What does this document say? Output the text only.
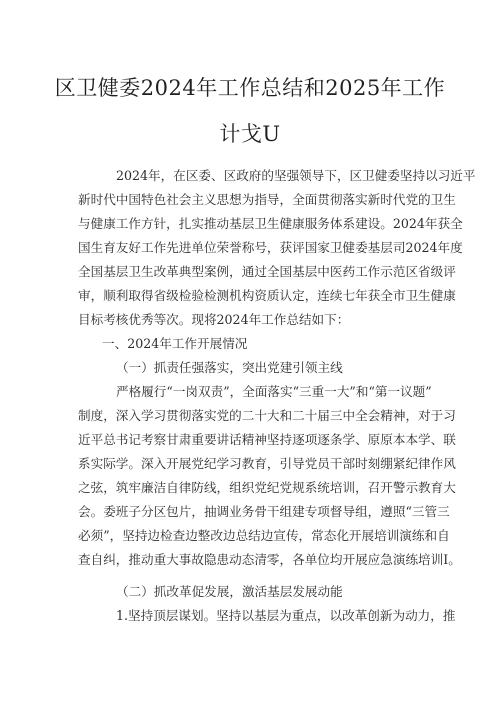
区卫健委2024年工作总结和2025年工作
计戈U
2024年，在区委、区政府的坚强领导下，区卫健委坚持以习近平
新时代中国特色社会主义思想为指导，全面贯彻落实新时代党的卫生
与健康工作方针，扎实推动基层卫生健康服务体系建设。2024年获全
国生育友好工作先进单位荣誉称号，获评国家卫健委基层司2024年度
全国基层卫生改革典型案例，通过全国基层中医药工作示范区省级评
审，顺利取得省级检验检测机构资质认定，连续七年获全市卫生健康
目标考核优秀等次。现将2024年工作总结如下：
一、2024年工作开展情况
（一）抓责任强落实，突出党建引领主线
严格履行“一岗双责”，全面落实“三重一大”和“第一议题”
制度，深入学习贯彻落实党的二十大和二十届三中全会精神，对于习
近平总书记考察甘肃重要讲话精神坚持逐项逐条学、原原本本学、联
系实际学。深入开展党纪学习教育，引导党员干部时刻绷紧纪律作风
之弦，筑牢廉洁自律防线，组织党纪党规系统培训，召开警示教育大
会。委班子分区包片，抽调业务骨干组建专项督导组，遵照“三管三
必须”，坚持边检查边整改边总结边宣传，常态化开展培训演练和自
查自纠，推动重大事故隐患动态清零，各单位均开展应急演练培训I。
（二）抓改革促发展，激活基层发展动能
1.坚持顶层谋划。坚持以基层为重点，以改革创新为动力，推
